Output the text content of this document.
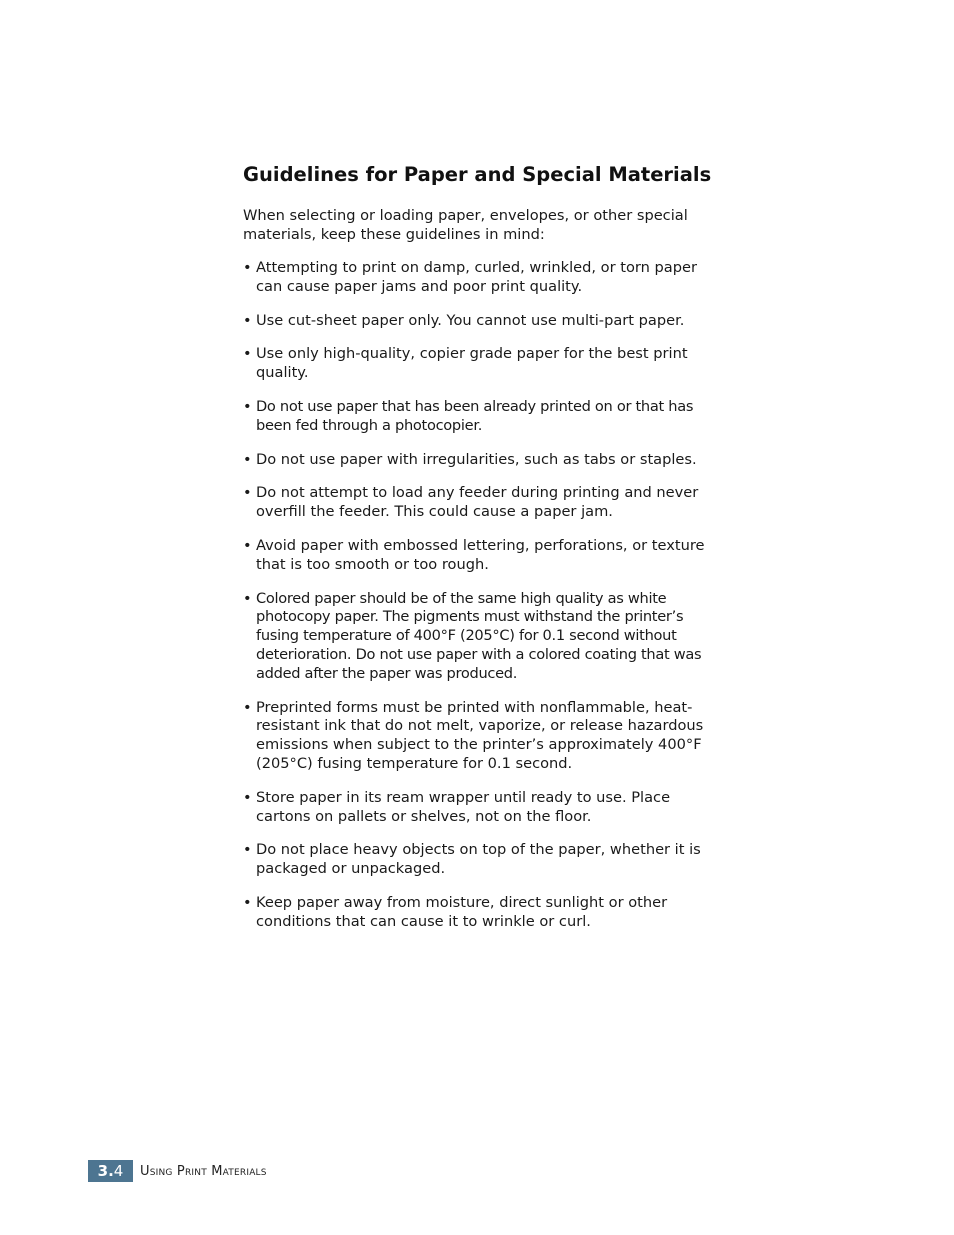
Guidelines for Paper and Special Materials

When selecting or loading paper, envelopes, or other special materials, keep these guidelines in mind:

• Attempting to print on damp, curled, wrinkled, or torn paper can cause paper jams and poor print quality.
• Use cut-sheet paper only. You cannot use multi-part paper.
• Use only high-quality, copier grade paper for the best print quality.
• Do not use paper that has been already printed on or that has been fed through a photocopier.
• Do not use paper with irregularities, such as tabs or staples.
• Do not attempt to load any feeder during printing and never overfill the feeder. This could cause a paper jam.
• Avoid paper with embossed lettering, perforations, or texture that is too smooth or too rough.
• Colored paper should be of the same high quality as white photocopy paper. The pigments must withstand the printer’s fusing temperature of 400°F (205°C) for 0.1 second without deterioration. Do not use paper with a colored coating that was added after the paper was produced.
• Preprinted forms must be printed with nonflammable, heat-resistant ink that do not melt, vaporize, or release hazardous emissions when subject to the printer’s approximately 400°F (205°C) fusing temperature for 0.1 second.
• Store paper in its ream wrapper until ready to use. Place cartons on pallets or shelves, not on the floor.
• Do not place heavy objects on top of the paper, whether it is packaged or unpackaged.
• Keep paper away from moisture, direct sunlight or other conditions that can cause it to wrinkle or curl.
3.4	Using Print Materials
